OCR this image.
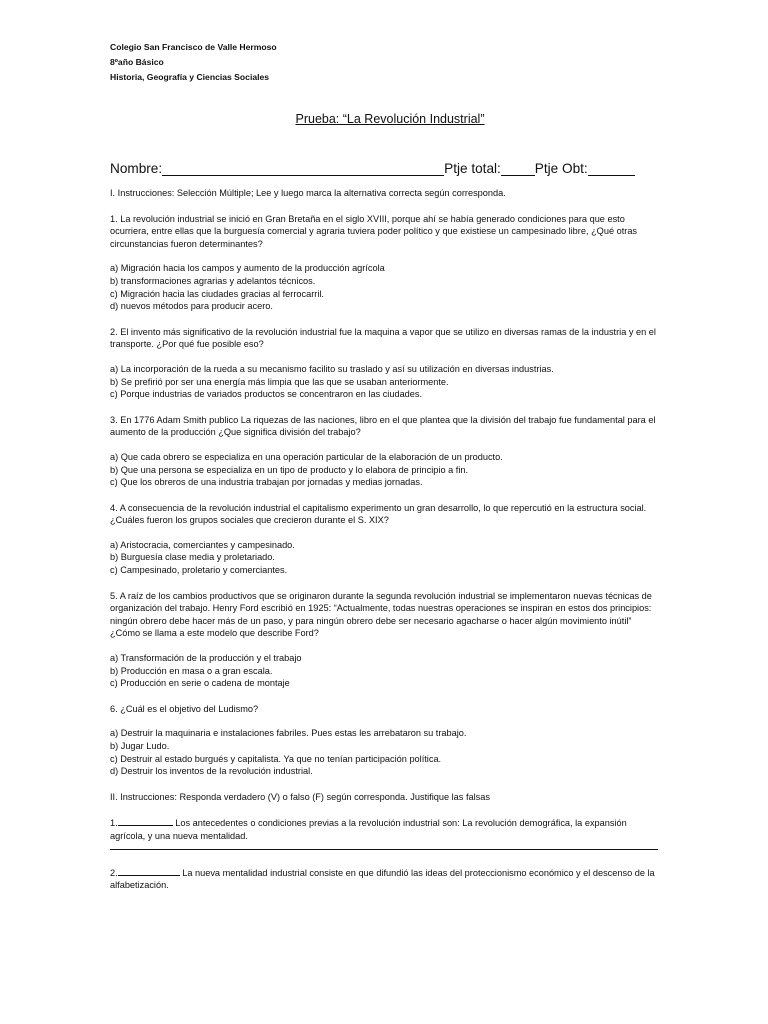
Colegio San Francisco de Valle Hermoso
8ºaño Básico
Historia, Geografía y Ciencias Sociales
Prueba: “La Revolución Industrial”
Nombre:	Ptje total:	Ptje Obt:
I. Instrucciones: Selección Múltiple; Lee y luego marca la alternativa correcta según corresponda.
1. La revolución industrial se inició en Gran Bretaña en el siglo XVIII, porque ahí se había generado condiciones para que esto ocurriera, entre ellas que la burguesía comercial y agraria tuviera poder político y que existiese un campesinado libre, ¿Qué otras circunstancias fueron determinantes?
a) Migración hacia los campos y aumento de la producción agrícola
b) transformaciones agrarias y adelantos técnicos.
c) Migración hacia las ciudades gracias al ferrocarril.
d) nuevos métodos para producir acero.
2. El invento más significativo de la revolución industrial fue la maquina a vapor que se utilizo en diversas ramas de la industria y en el transporte. ¿Por qué fue posible eso?
a) La incorporación de la rueda a su mecanismo facilito su traslado y así su utilización en diversas industrias.
b) Se prefirió por ser una energía más limpia que las que se usaban anteriormente.
c) Porque industrias de variados productos se concentraron en las ciudades.
3. En 1776 Adam Smith publico La riquezas de las naciones, libro en el que plantea que la división del trabajo fue fundamental para el aumento de la producción ¿Que significa división del trabajo?
a) Que cada obrero se especializa en una operación particular de la elaboración de un producto.
b) Que una persona se especializa en un tipo de producto y lo elabora de principio a fin.
c) Que los obreros de una industria trabajan por jornadas y medias jornadas.
4. A consecuencia de la revolución industrial el capitalismo experimento un gran desarrollo, lo que repercutió en la estructura social. ¿Cuáles fueron los grupos sociales que crecieron durante el S. XIX?
a) Aristocracia, comerciantes y campesinado.
b) Burguesía clase media y proletariado.
c) Campesinado, proletario y comerciantes.
5. A raíz de los cambios productivos que se originaron durante la segunda revolución industrial se implementaron nuevas técnicas de organización del trabajo. Henry Ford escribió en 1925: “Actualmente, todas nuestras operaciones se inspiran en estos dos principios: ningún obrero debe hacer más de un paso, y para ningún obrero debe ser necesario agacharse o hacer algún movimiento inútil” ¿Cómo se llama a este modelo que describe Ford?
a) Transformación de la producción y el trabajo
b) Producción en masa o a gran escala.
c) Producción en serie o cadena de montaje
6. ¿Cuál es el objetivo del Ludismo?
a) Destruir la maquinaria e instalaciones fabriles. Pues estas les arrebataron su trabajo.
b) Jugar Ludo.
c) Destruir al estado burgués y capitalista. Ya que no tenían participación política.
d) Destruir los inventos de la revolución industrial.
II. Instrucciones: Responda verdadero (V) o falso (F) según corresponda. Justifique las falsas
1.	Los antecedentes o condiciones previas a la revolución industrial son: La revolución demográfica, la expansión agrícola, y una nueva mentalidad.
2.	La nueva mentalidad industrial consiste en que difundió las ideas del proteccionismo económico y el descenso de la alfabetización.
